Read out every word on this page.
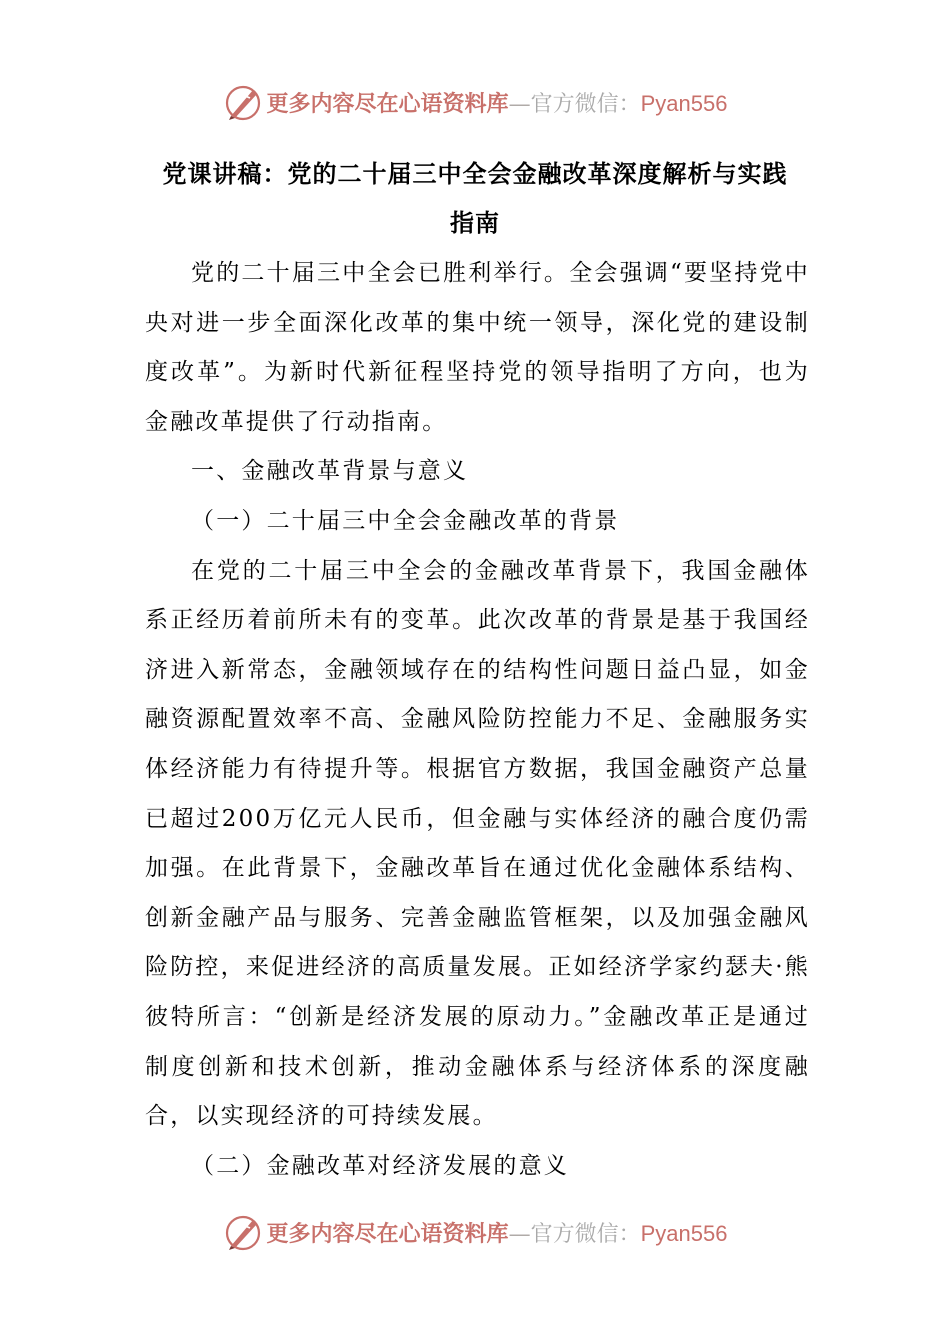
更多内容尽在心语资料库—官方微信：Pyan556
党课讲稿：党的二十届三中全会金融改革深度解析与实践
指南

党的二十届三中全会已胜利举行。全会强调“要坚持党中央对进一步全面深化改革的集中统一领导，深化党的建设制度改革”。为新时代新征程坚持党的领导指明了方向，也为金融改革提供了行动指南。

一、金融改革背景与意义

（一）二十届三中全会金融改革的背景

在党的二十届三中全会的金融改革背景下，我国金融体系正经历着前所未有的变革。此次改革的背景是基于我国经济进入新常态，金融领域存在的结构性问题日益凸显，如金融资源配置效率不高、金融风险防控能力不足、金融服务实体经济能力有待提升等。根据官方数据，我国金融资产总量已超过200万亿元人民币，但金融与实体经济的融合度仍需加强。在此背景下，金融改革旨在通过优化金融体系结构、创新金融产品与服务、完善金融监管框架，以及加强金融风险防控，来促进经济的高质量发展。正如经济学家约瑟夫·熊彼特所言：“创新是经济发展的原动力。”金融改革正是通过制度创新和技术创新，推动金融体系与经济体系的深度融合，以实现经济的可持续发展。

（二）金融改革对经济发展的意义

更多内容尽在心语资料库—官方微信：Pyan556
